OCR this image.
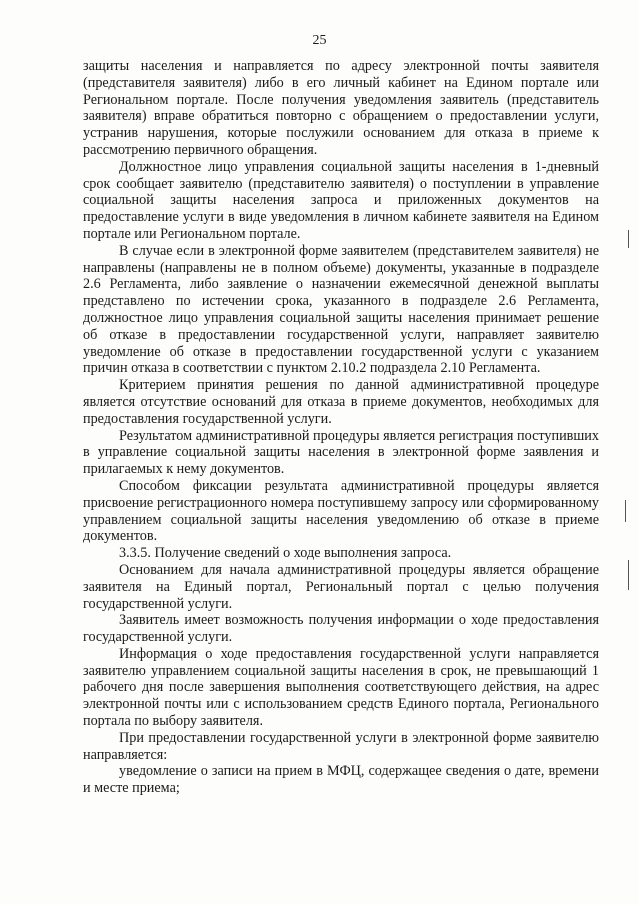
25

защиты населения и направляется по адресу электронной почты заявителя (представителя заявителя) либо в его личный кабинет на Едином портале или Региональном портале. После получения уведомления заявитель (представитель заявителя) вправе обратиться повторно с обращением о предоставлении услуги, устранив нарушения, которые послужили основанием для отказа в приеме к рассмотрению первичного обращения.

Должностное лицо управления социальной защиты населения в 1-дневный срок сообщает заявителю (представителю заявителя) о поступлении в управление социальной защиты населения запроса и приложенных документов на предоставление услуги в виде уведомления в личном кабинете заявителя на Едином портале или Региональном портале.

В случае если в электронной форме заявителем (представителем заявителя) не направлены (направлены не в полном объеме) документы, указанные в подразделе 2.6 Регламента, либо заявление о назначении ежемесячной денежной выплаты представлено по истечении срока, указанного в подразделе 2.6 Регламента, должностное лицо управления социальной защиты населения принимает решение об отказе в предоставлении государственной услуги, направляет заявителю уведомление об отказе в предоставлении государственной услуги с указанием причин отказа в соответствии с пунктом 2.10.2 подраздела 2.10 Регламента.

Критерием принятия решения по данной административной процедуре является отсутствие оснований для отказа в приеме документов, необходимых для предоставления государственной услуги.

Результатом административной процедуры является регистрация поступивших в управление социальной защиты населения в электронной форме заявления и прилагаемых к нему документов.

Способом фиксации результата административной процедуры является присвоение регистрационного номера поступившему запросу или сформированному управлением социальной защиты населения уведомлению об отказе в приеме документов.

3.3.5. Получение сведений о ходе выполнения запроса.

Основанием для начала административной процедуры является обращение заявителя на Единый портал, Региональный портал с целью получения государственной услуги.

Заявитель имеет возможность получения информации о ходе предоставления государственной услуги.

Информация о ходе предоставления государственной услуги направляется заявителю управлением социальной защиты населения в срок, не превышающий 1 рабочего дня после завершения выполнения соответствующего действия, на адрес электронной почты или с использованием средств Единого портала, Регионального портала по выбору заявителя.

При предоставлении государственной услуги в электронной форме заявителю направляется:

уведомление о записи на прием в МФЦ, содержащее сведения о дате, времени и месте приема;
